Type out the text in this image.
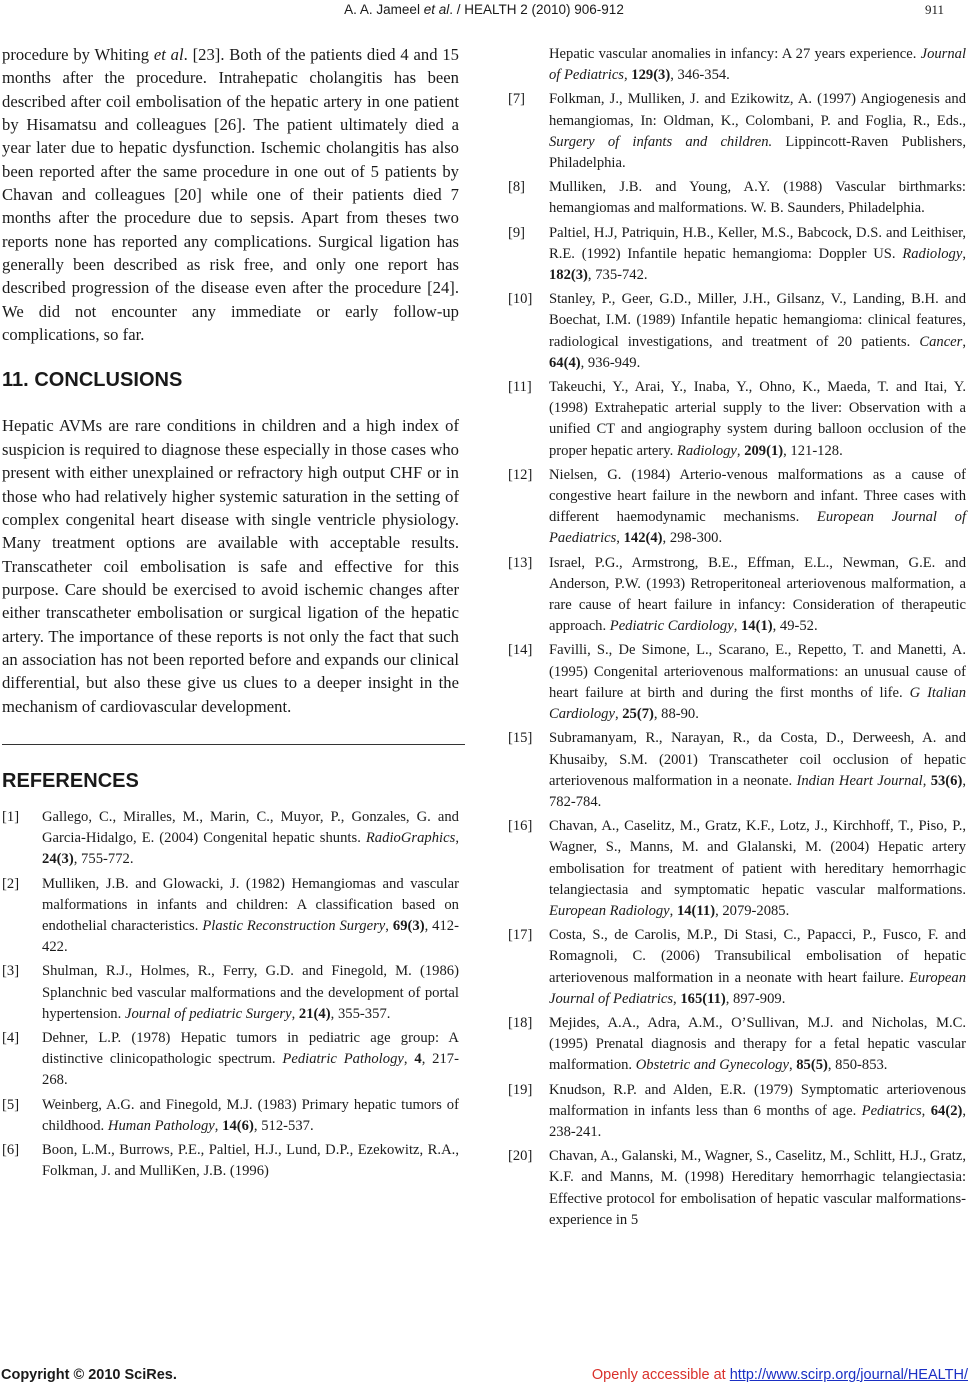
A. A. Jameel et al. / HEALTH 2 (2010) 906-912	911

procedure by Whiting et al. [23]. Both of the patients died 4 and 15 months after the procedure. Intrahepatic cholangitis has been described after coil embolisation of the hepatic artery in one patient by Hisamatsu and colleagues [26]. The patient ultimately died a year later due to hepatic dysfunction. Ischemic cholangitis has also been reported after the same procedure in one out of 5 patients by Chavan and colleagues [20] while one of their patients died 7 months after the procedure due to sepsis. Apart from theses two reports none has reported any complications. Surgical ligation has generally been described as risk free, and only one report has described progression of the disease even after the procedure [24]. We did not encounter any immediate or early follow-up complications, so far.

11. CONCLUSIONS

Hepatic AVMs are rare conditions in children and a high index of suspicion is required to diagnose these especially in those cases who present with either unexplained or refractory high output CHF or in those who had relatively higher systemic saturation in the setting of complex congenital heart disease with single ventricle physiology. Many treatment options are available with acceptable results. Transcatheter coil embolisation is safe and effective for this purpose. Care should be exercised to avoid ischemic changes after either transcatheter embolisation or surgical ligation of the hepatic artery. The importance of these reports is not only the fact that such an association has not been reported before and expands our clinical differential, but also these give us clues to a deeper insight in the mechanism of cardiovascular development.

REFERENCES
[1] Gallego, C., Miralles, M., Marin, C., Muyor, P., Gonzales, G. and Garcia-Hidalgo, E. (2004) Congenital hepatic shunts. RadioGraphics, 24(3), 755-772.
[2] Mulliken, J.B. and Glowacki, J. (1982) Hemangiomas and vascular malformations in infants and children: A classification based on endothelial characteristics. Plastic Reconstruction Surgery, 69(3), 412-422.
[3] Shulman, R.J., Holmes, R., Ferry, G.D. and Finegold, M. (1986) Splanchnic bed vascular malformations and the development of portal hypertension. Journal of pediatric Surgery, 21(4), 355-357.
[4] Dehner, L.P. (1978) Hepatic tumors in pediatric age group: A distinctive clinicopathologic spectrum. Pediatric Pathology, 4, 217-268.
[5] Weinberg, A.G. and Finegold, M.J. (1983) Primary hepatic tumors of childhood. Human Pathology, 14(6), 512-537.
[6] Boon, L.M., Burrows, P.E., Paltiel, H.J., Lund, D.P., Ezekowitz, R.A., Folkman, J. and MulliKen, J.B. (1996)
Hepatic vascular anomalies in infancy: A 27 years experience. Journal of Pediatrics, 129(3), 346-354.
[7] Folkman, J., Mulliken, J. and Ezikowitz, A. (1997) Angiogenesis and hemangiomas, In: Oldman, K., Colombani, P. and Foglia, R., Eds., Surgery of infants and children. Lippincott-Raven Publishers, Philadelphia.
[8] Mulliken, J.B. and Young, A.Y. (1988) Vascular birthmarks: hemangiomas and malformations. W. B. Saunders, Philadelphia.
[9] Paltiel, H.J, Patriquin, H.B., Keller, M.S., Babcock, D.S. and Leithiser, R.E. (1992) Infantile hepatic hemangioma: Doppler US. Radiology, 182(3), 735-742.
[10] Stanley, P., Geer, G.D., Miller, J.H., Gilsanz, V., Landing, B.H. and Boechat, I.M. (1989) Infantile hepatic hemangioma: clinical features, radiological investigations, and treatment of 20 patients. Cancer, 64(4), 936-949.
[11] Takeuchi, Y., Arai, Y., Inaba, Y., Ohno, K., Maeda, T. and Itai, Y. (1998) Extrahepatic arterial supply to the liver: Observation with a unified CT and angiography system during balloon occlusion of the proper hepatic artery. Radiology, 209(1), 121-128.
[12] Nielsen, G. (1984) Arterio-venous malformations as a cause of congestive heart failure in the newborn and infant. Three cases with different haemodynamic mechanisms. European Journal of Paediatrics, 142(4), 298-300.
[13] Israel, P.G., Armstrong, B.E., Effman, E.L., Newman, G.E. and Anderson, P.W. (1993) Retroperitoneal arteriovenous malformation, a rare cause of heart failure in infancy: Consideration of therapeutic approach. Pediatric Cardiology, 14(1), 49-52.
[14] Favilli, S., De Simone, L., Scarano, E., Repetto, T. and Manetti, A. (1995) Congenital arteriovenous malformations: an unusual cause of heart failure at birth and during the first months of life. G Italian Cardiology, 25(7), 88-90.
[15] Subramanyam, R., Narayan, R., da Costa, D., Derweesh, A. and Khusaiby, S.M. (2001) Transcatheter coil occlusion of hepatic arteriovenous malformation in a neonate. Indian Heart Journal, 53(6), 782-784.
[16] Chavan, A., Caselitz, M., Gratz, K.F., Lotz, J., Kirchhoff, T., Piso, P., Wagner, S., Manns, M. and Glalanski, M. (2004) Hepatic artery embolisation for treatment of patient with hereditary hemorrhagic telangiectasia and symptomatic hepatic vascular malformations. European Radiology, 14(11), 2079-2085.
[17] Costa, S., de Carolis, M.P., Di Stasi, C., Papacci, P., Fusco, F. and Romagnoli, C. (2006) Transubilical embolisation of hepatic arteriovenous malformation in a neonate with heart failure. European Journal of Pediatrics, 165(11), 897-909.
[18] Mejides, A.A., Adra, A.M., O’Sullivan, M.J. and Nicholas, M.C. (1995) Prenatal diagnosis and therapy for a fetal hepatic vascular malformation. Obstetric and Gynecology, 85(5), 850-853.
[19] Knudson, R.P. and Alden, E.R. (1979) Symptomatic arteriovenous malformation in infants less than 6 months of age. Pediatrics, 64(2), 238-241.
[20] Chavan, A., Galanski, M., Wagner, S., Caselitz, M., Schlitt, H.J., Gratz, K.F. and Manns, M. (1998) Hereditary hemorrhagic telangiectasia: Effective protocol for embolisation of hepatic vascular malformations-experience in 5
Copyright © 2010 SciRes.	Openly accessible at http://www.scirp.org/journal/HEALTH/
